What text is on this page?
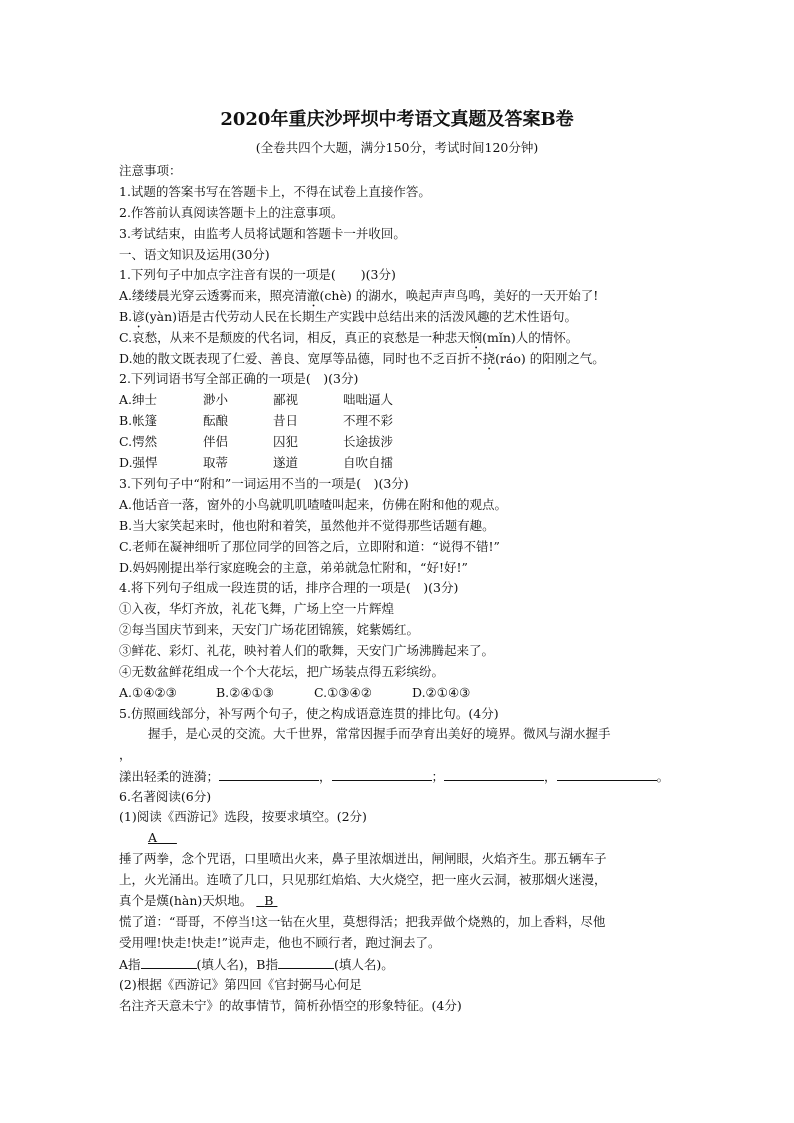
2020年重庆沙坪坝中考语文真题及答案B卷
(全卷共四个大题，满分150分，考试时间120分钟)
注意事项：
1.试题的答案书写在答题卡上，不得在试卷上直接作答。
2.作答前认真阅读答题卡上的注意事项。
3.考试结束，由监考人员将试题和答题卡一并收回。
一、语文知识及运用(30分)
1.下列句子中加点字注音有误的一项是(　　)(3分)
A.缕缕晨光穿云透雾而来，照亮清澈(chè) 的湖水，唤起声声鸟鸣，美好的一天开始了!
B.谚(yàn)语是古代劳动人民在长期生产实践中总结出来的活泼风趣的艺术性语句。
C.哀愁，从来不是颓废的代名词，相反，真正的哀愁是一种悲天悯(mǐn)人的情怀。
D.她的散文既表现了仁爱、善良、宽厚等品德，同时也不乏百折不挠(ráo) 的阳刚之气。
2.下列词语书写全部正确的一项是(　)(3分)
A.绅士	渺小	鄙视	咄咄逼人
B.帐篷	酝酿	昔日	不理不彩
C.愕然	伴侣	囚犯	长途拔涉
D.强悍	取蒂	遂道	自吹自擂
3.下列句子中“附和”一词运用不当的一项是(　)(3分)
A.他话音一落，窗外的小鸟就叽叽喳喳叫起来，仿佛在附和他的观点。
B.当大家笑起来时，他也附和着笑，虽然他并不觉得那些话题有趣。
C.老师在凝神细听了那位同学的回答之后，立即附和道：“说得不错!”
D.妈妈刚提出举行家庭晚会的主意，弟弟就急忙附和，“好!好!”
4.将下列句子组成一段连贯的话，排序合理的一项是(　)(3分)
①入夜，华灯齐放，礼花飞舞，广场上空一片辉煌
②每当国庆节到来，天安门广场花团锦簇，姹紫嫣红。
③鲜花、彩灯、礼花，映衬着人们的歌舞，天安门广场沸腾起来了。
④无数盆鲜花组成一个个大花坛，把广场装点得五彩缤纷。
A.①④②③	B.②④①③	C.①③④②	D.②①④③
5.仿照画线部分，补写两个句子，使之构成语意连贯的排比句。(4分)
握手，是心灵的交流。大千世界，常常因握手而孕育出美好的境界。微风与湖水握手
，
漾出轻柔的涟漪；	，	；	，	。
6.名著阅读(6分)
(1)阅读《西游记》选段，按要求填空。(2分)
A
捶了两拳，念个咒语，口里喷出火来，鼻子里浓烟迸出，闸闸眼，火焰齐生。那五辆车子
上，火光涌出。连喷了几口，只见那红焰焰、大火烧空，把一座火云洞，被那烟火迷漫，
真个是熯(hàn)天炽地。 B
慌了道：“哥哥，不停当!这一钻在火里，莫想得活；把我弄做个烧熟的，加上香料，尽他
受用哩!快走!快走!”说声走，他也不顾行者，跑过涧去了。
A指	(填人名)，B指	(填人名)。
(2)根据《西游记》第四回《官封弼马心何足
名注齐天意未宁》的故事情节，简析孙悟空的形象特征。(4分)
